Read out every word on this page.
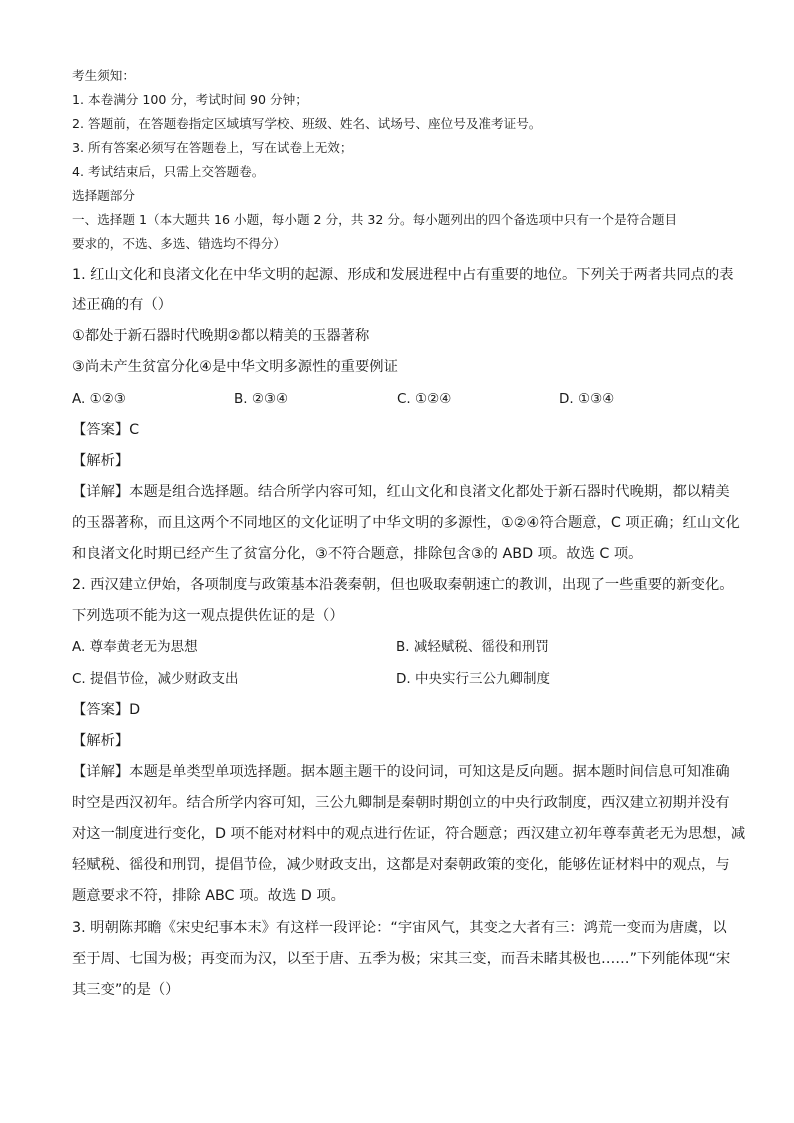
考生须知：
1. 本卷满分 100 分，考试时间 90 分钟；
2. 答题前，在答题卷指定区域填写学校、班级、姓名、试场号、座位号及准考证号。
3. 所有答案必须写在答题卷上，写在试卷上无效；
4. 考试结束后，只需上交答题卷。
选择题部分
一、选择题 1（本大题共 16 小题，每小题 2 分，共 32 分。每小题列出的四个备选项中只有一个是符合题目
要求的，不选、多选、错选均不得分）
1. 红山文化和良渚文化在中华文明的起源、形成和发展进程中占有重要的地位。下列关于两者共同点的表
述正确的有（）
①都处于新石器时代晚期②都以精美的玉器著称
③尚未产生贫富分化④是中华文明多源性的重要例证
A. ①②③	B. ②③④	C. ①②④	D. ①③④
【答案】C
【解析】
【详解】本题是组合选择题。结合所学内容可知，红山文化和良渚文化都处于新石器时代晚期，都以精美
的玉器著称，而且这两个不同地区的文化证明了中华文明的多源性，①②④符合题意，C 项正确；红山文化
和良渚文化时期已经产生了贫富分化，③不符合题意，排除包含③的 ABD 项。故选 C 项。
2. 西汉建立伊始，各项制度与政策基本沿袭秦朝，但也吸取秦朝速亡的教训，出现了一些重要的新变化。
下列选项不能为这一观点提供佐证的是（）
A. 尊奉黄老无为思想	B. 减轻赋税、徭役和刑罚
C. 提倡节俭，减少财政支出	D. 中央实行三公九卿制度
【答案】D
【解析】
【详解】本题是单类型单项选择题。据本题主题干的设问词，可知这是反向题。据本题时间信息可知准确
时空是西汉初年。结合所学内容可知，三公九卿制是秦朝时期创立的中央行政制度，西汉建立初期并没有
对这一制度进行变化，D 项不能对材料中的观点进行佐证，符合题意；西汉建立初年尊奉黄老无为思想，减
轻赋税、徭役和刑罚，提倡节俭，减少财政支出，这都是对秦朝政策的变化，能够佐证材料中的观点，与
题意要求不符，排除 ABC 项。故选 D 项。
3. 明朝陈邦瞻《宋史纪事本末》有这样一段评论：“宇宙风气，其变之大者有三：鸿荒一变而为唐虞，以
至于周、七国为极；再变而为汉，以至于唐、五季为极；宋其三变，而吾未睹其极也……”下列能体现“宋
其三变”的是（）
